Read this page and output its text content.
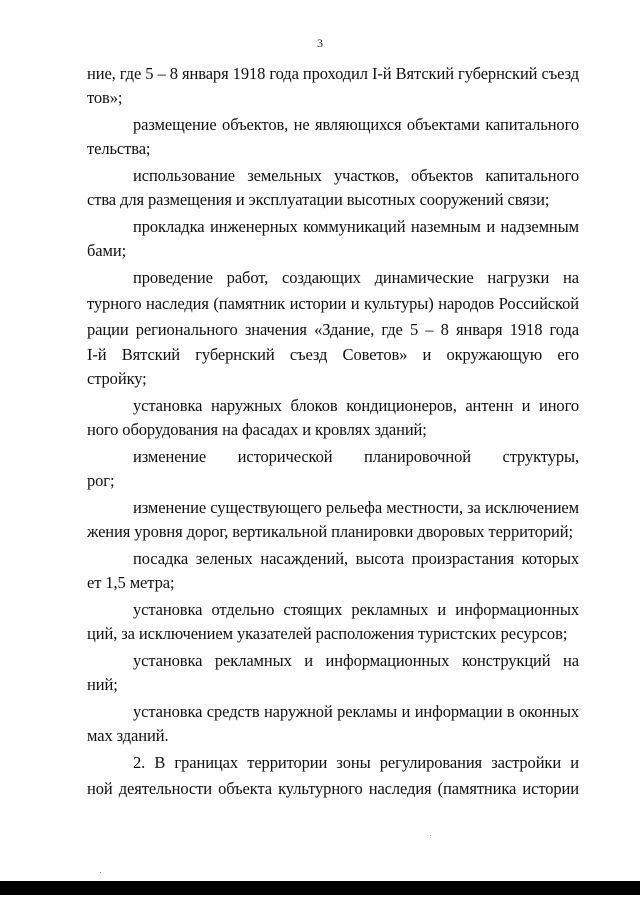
3
ние, где 5 – 8 января 1918 года проходил I-й Вятский губернский съезд
тов»;
размещение объектов, не являющихся объектами капитального
тельства;
использование земельных участков, объектов капитального
ства для размещения и эксплуатации высотных сооружений связи;
прокладка инженерных коммуникаций наземным и надземным
бами;
проведение работ, создающих динамические нагрузки на
турного наследия (памятник истории и культуры) народов Российской
рации регионального значения «Здание, где 5 – 8 января 1918 года
I-й Вятский губернский съезд Советов» и окружающую его
стройку;
установка наружных блоков кондиционеров, антенн и иного
ного оборудования на фасадах и кровлях зданий;
изменение исторической планировочной структуры,
рог;
изменение существующего рельефа местности, за исключением
жения уровня дорог, вертикальной планировки дворовых территорий;
посадка зеленых насаждений, высота произрастания которых
ет 1,5 метра;
установка отдельно стоящих рекламных и информационных
ций, за исключением указателей расположения туристских ресурсов;
установка рекламных и информационных конструкций на
ний;
установка средств наружной рекламы и информации в оконных
мах зданий.
2. В границах территории зоны регулирования застройки и
ной деятельности объекта культурного наследия (памятника истории
